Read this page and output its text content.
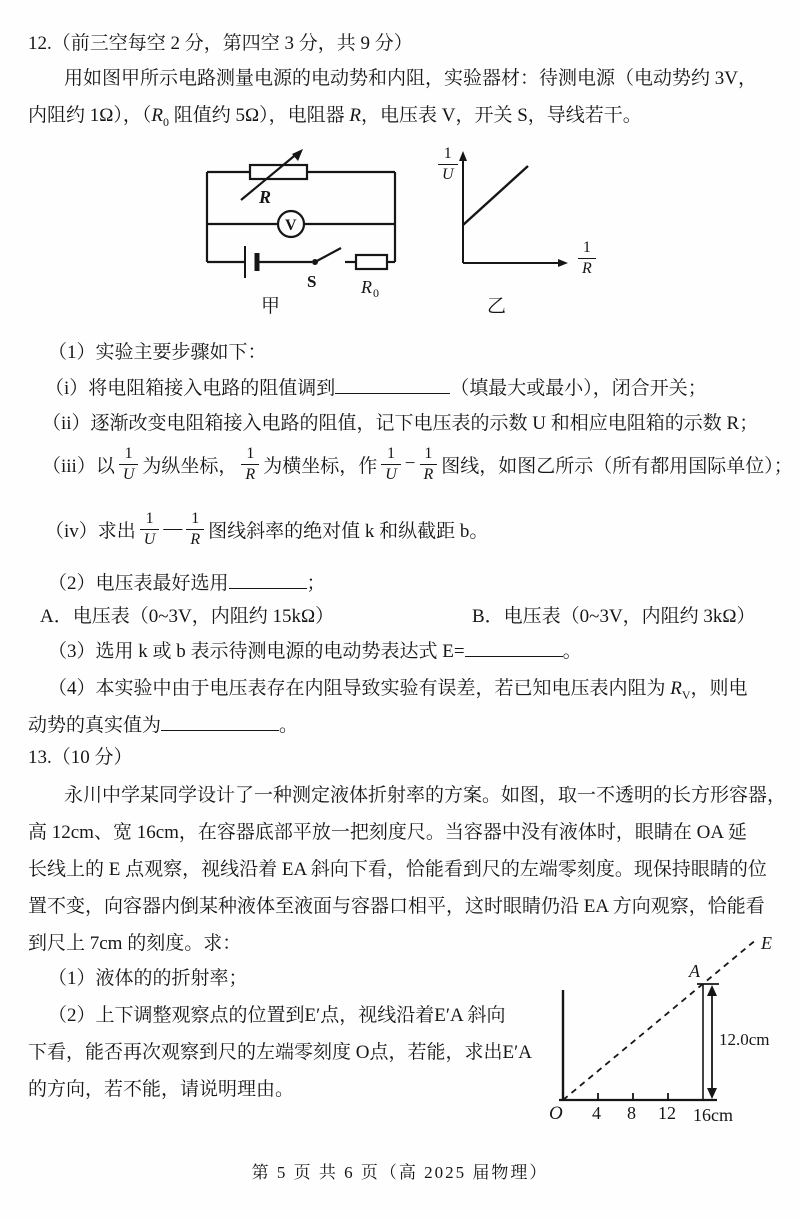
12.（前三空每空 2 分，第四空 3 分，共 9 分）
用如图甲所示电路测量电源的电动势和内阻，实验器材：待测电源（电动势约 3V，
内阻约 1Ω），（$R_0$ 阻值约 5Ω），电阻器 R，电压表 V，开关 S，导线若干。
R
V
S R 0
甲
$\frac{1}{U}$
$\frac{1}{R}$
乙
（1）实验主要步骤如下：
（i）将电阻箱接入电路的阻值调到	（填最大或最小），闭合开关；
（ii）逐渐改变电阻箱接入电路的阻值，记下电压表的示数 U 和相应电阻箱的示数 R；
（iii）以 $\frac{1}{U}$ 为纵坐标， $\frac{1}{R}$ 为横坐标，作 $\frac{1}{U} - \frac{1}{R}$ 图线，如图乙所示（所有都用国际单位）；
（iv）求出 $\frac{1}{U}$ — $\frac{1}{R}$ 图线斜率的绝对值 k 和纵截距 b。
（2）电压表最好选用	；
A．电压表（0~3V，内阻约 15kΩ）	B．电压表（0~3V，内阻约 3kΩ）
（3）选用 k 或 b 表示待测电源的电动势表达式 E=	。
（4）本实验中由于电压表存在内阻导致实验有误差，若已知电压表内阻为 $R_V$，则电
动势的真实值为	。
13.（10 分）
永川中学某同学设计了一种测定液体折射率的方案。如图，取一不透明的长方形容器，
高 12cm、宽 16cm，在容器底部平放一把刻度尺。当容器中没有液体时，眼睛在 OA 延
长线上的 E 点观察，视线沿着 EA 斜向下看，恰能看到尺的左端零刻度。现保持眼睛的位
置不变，向容器内倒某种液体至液面与容器口相平，这时眼睛仍沿 EA 方向观察，恰能看
到尺上 7cm 的刻度。求：
（1）液体的的折射率；
（2）上下调整观察点的位置到E′点，视线沿着E′A 斜向
下看，能否再次观察到尺的左端零刻度 O点，若能，求出E′A
的方向，若不能，请说明理由。
O
A
E
4 8 12 16cm
12.0cm
第 5 页 共 6 页（高 2025 届物理）
